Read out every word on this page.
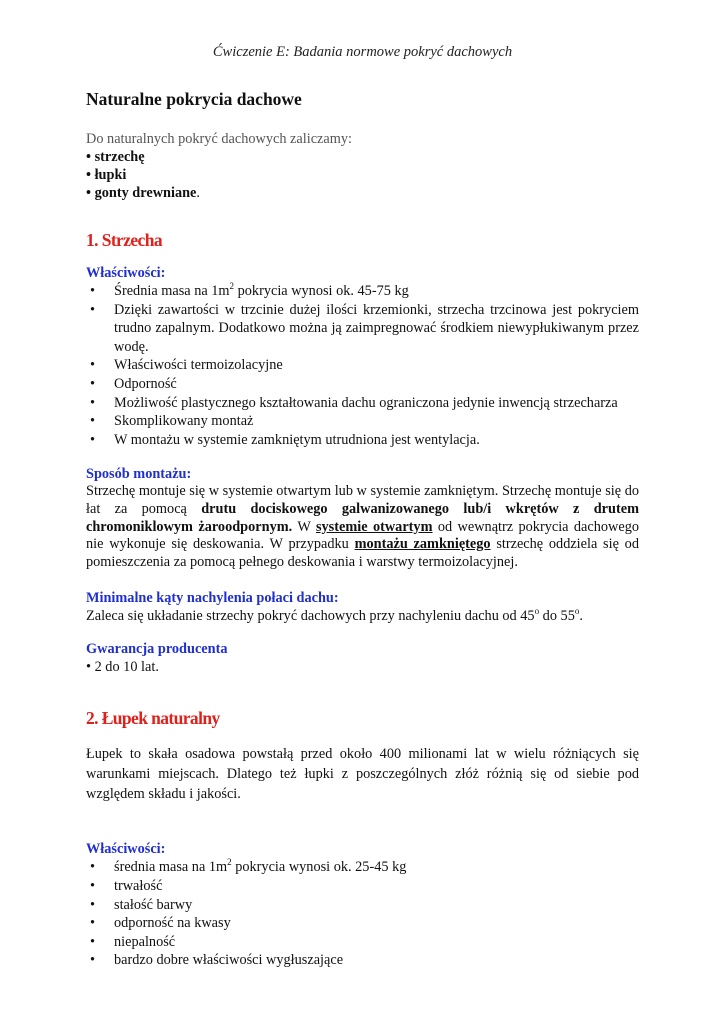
Ćwiczenie E: Badania normowe pokryć dachowych
Naturalne pokrycia dachowe
Do naturalnych pokryć dachowych zaliczamy:
• strzechę
• łupki
• gonty drewniane.
1. Strzecha
Właściwości:
• Średnia masa na $1m^2$ pokrycia wynosi ok. 45-75 kg
• Dzięki zawartości w trzcinie dużej ilości krzemionki, strzecha trzcinowa jest pokryciem trudno zapalnym. Dodatkowo można ją zaimpregnować środkiem niewypłukiwanym przez wodę.
• Właściwości termoizolacyjne
• Odporność
• Możliwość plastycznego kształtowania dachu ograniczona jedynie inwencją strzecharza
• Skomplikowany montaż
• W montażu w systemie zamkniętym utrudniona jest wentylacja.
Sposób montażu:

Strzechę montuje się w systemie otwartym lub w systemie zamkniętym. Strzechę montuje się do łat za pomocą drutu dociskowego galwanizowanego lub/i wkrętów z drutem chromoniklowym żaroodpornym. W systemie otwartym od wewnątrz pokrycia dachowego nie wykonuje się deskowania. W przypadku montażu zamkniętego strzechę oddziela się od pomieszczenia za pomocą pełnego deskowania i warstwy termoizolacyjnej.

Minimalne kąty nachylenia połaci dachu:

Zaleca się układanie strzechy pokryć dachowych przy nachyleniu dachu od 45$^o$ do 55$^o$.

Gwarancja producenta

• 2 do 10 lat.

2. Łupek naturalny

Łupek to skała osadowa powstałą przed około 400 milionami lat w wielu różniących się warunkami miejscach. Dlatego też łupki z poszczególnych złóż różnią się od siebie pod względem składu i jakości.

Właściwości:
• średnia masa na $1m^2$ pokrycia wynosi ok. 25-45 kg
• trwałość
• stałość barwy
• odporność na kwasy
• niepalność
• bardzo dobre właściwości wygłuszające
